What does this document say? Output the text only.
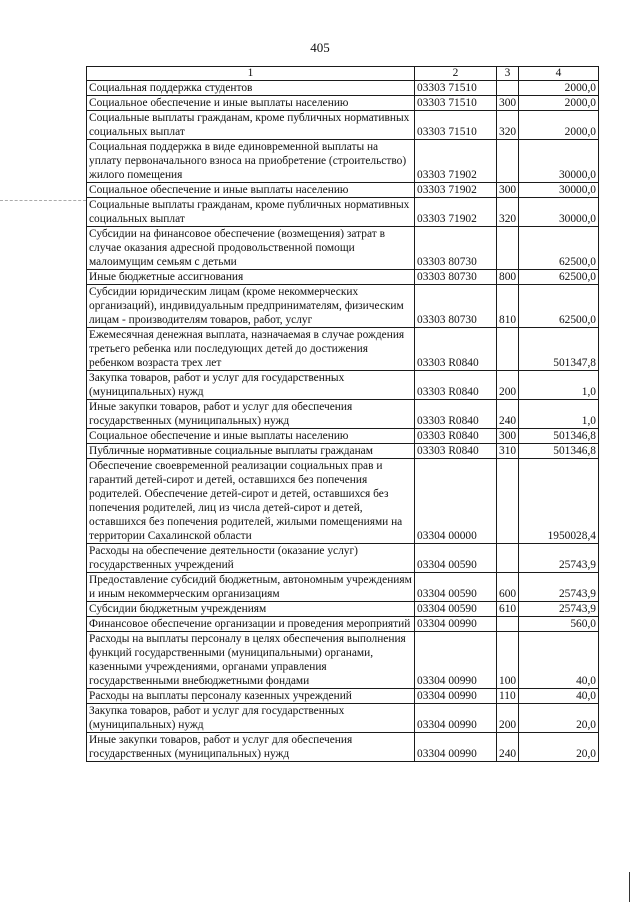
405
1	2	3	4
Социальная поддержка студентов	03303 71510		2000,0
Социальное обеспечение и иные выплаты населению	03303 71510	300	2000,0
Социальные выплаты гражданам, кроме публичных нормативных социальных выплат	03303 71510	320	2000,0
Социальная поддержка в виде единовременной выплаты на уплату первоначального взноса на приобретение (строительство) жилого помещения	03303 71902		30000,0
Социальное обеспечение и иные выплаты населению	03303 71902	300	30000,0
Социальные выплаты гражданам, кроме публичных нормативных социальных выплат	03303 71902	320	30000,0
Субсидии на финансовое обеспечение (возмещения) затрат в случае оказания адресной продовольственной помощи малоимущим семьям с детьми	03303 80730		62500,0
Иные бюджетные ассигнования	03303 80730	800	62500,0
Субсидии юридическим лицам (кроме некоммерческих организаций), индивидуальным предпринимателям, физическим лицам - производителям товаров, работ, услуг	03303 80730	810	62500,0
Ежемесячная денежная выплата, назначаемая в случае рождения третьего ребенка или последующих детей до достижения ребенком возраста трех лет	03303 R0840		501347,8
Закупка товаров, работ и услуг для государственных (муниципальных) нужд	03303 R0840	200	1,0
Иные закупки товаров, работ и услуг для обеспечения государственных (муниципальных) нужд	03303 R0840	240	1,0
Социальное обеспечение и иные выплаты населению	03303 R0840	300	501346,8
Публичные нормативные социальные выплаты гражданам	03303 R0840	310	501346,8
Обеспечение своевременной реализации социальных прав и гарантий детей-сирот и детей, оставшихся без попечения родителей. Обеспечение детей-сирот и детей, оставшихся без попечения родителей, лиц из числа детей-сирот и детей, оставшихся без попечения родителей, жилыми помещениями на территории Сахалинской области	03304 00000		1950028,4
Расходы на обеспечение деятельности (оказание услуг) государственных учреждений	03304 00590		25743,9
Предоставление субсидий бюджетным, автономным учреждениям и иным некоммерческим организациям	03304 00590	600	25743,9
Субсидии бюджетным учреждениям	03304 00590	610	25743,9
Финансовое обеспечение организации и проведения мероприятий	03304 00990		560,0
Расходы на выплаты персоналу в целях обеспечения выполнения функций государственными (муниципальными) органами, казенными учреждениями, органами управления государственными внебюджетными фондами	03304 00990	100	40,0
Расходы на выплаты персоналу казенных учреждений	03304 00990	110	40,0
Закупка товаров, работ и услуг для государственных (муниципальных) нужд	03304 00990	200	20,0
Иные закупки товаров, работ и услуг для обеспечения государственных (муниципальных) нужд	03304 00990	240	20,0
